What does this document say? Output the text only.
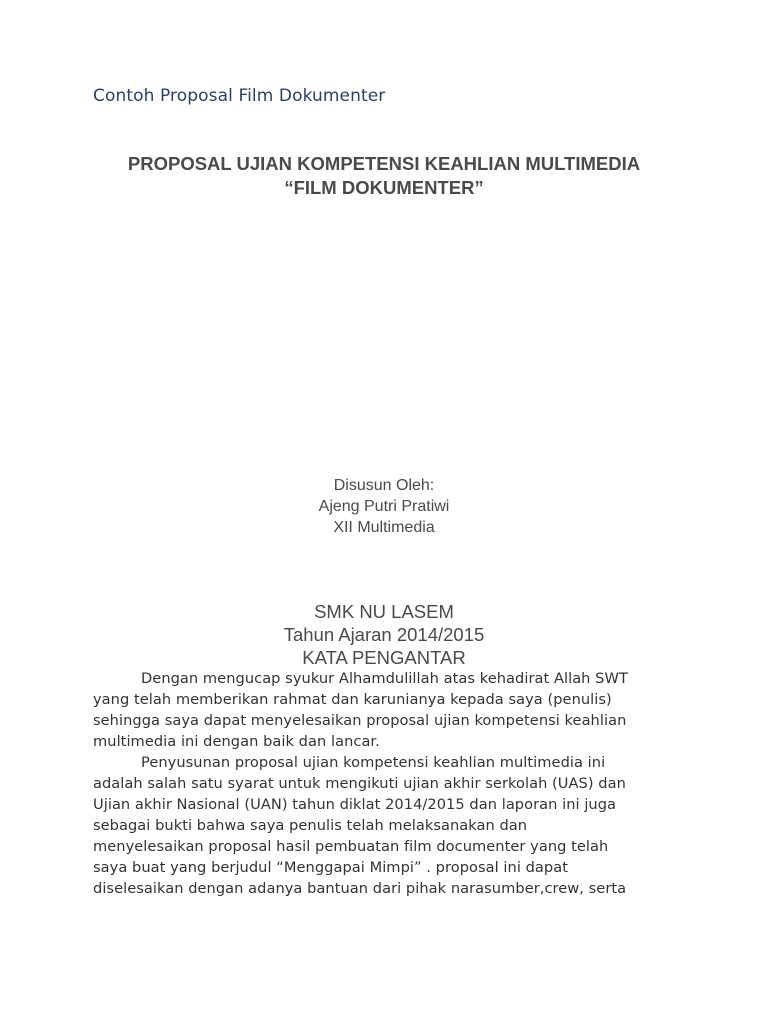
Contoh Proposal Film Dokumenter
PROPOSAL UJIAN KOMPETENSI KEAHLIAN MULTIMEDIA
“FILM DOKUMENTER”
Disusun Oleh:
Ajeng Putri Pratiwi
XII Multimedia
SMK NU LASEM
Tahun Ajaran 2014/2015
KATA PENGANTAR
Dengan mengucap syukur Alhamdulillah atas kehadirat Allah SWT
yang telah memberikan rahmat dan karunianya kepada saya (penulis)
sehingga saya dapat menyelesaikan proposal ujian kompetensi keahlian
multimedia ini dengan baik dan lancar.
Penyusunan proposal ujian kompetensi keahlian multimedia ini
adalah salah satu syarat untuk mengikuti ujian akhir serkolah (UAS) dan
Ujian akhir Nasional (UAN) tahun diklat 2014/2015 dan laporan ini juga
sebagai bukti bahwa saya penulis telah melaksanakan dan
menyelesaikan proposal hasil pembuatan film documenter yang telah
saya buat yang berjudul “Menggapai Mimpi” . proposal ini dapat
diselesaikan dengan adanya bantuan dari pihak narasumber,crew, serta
